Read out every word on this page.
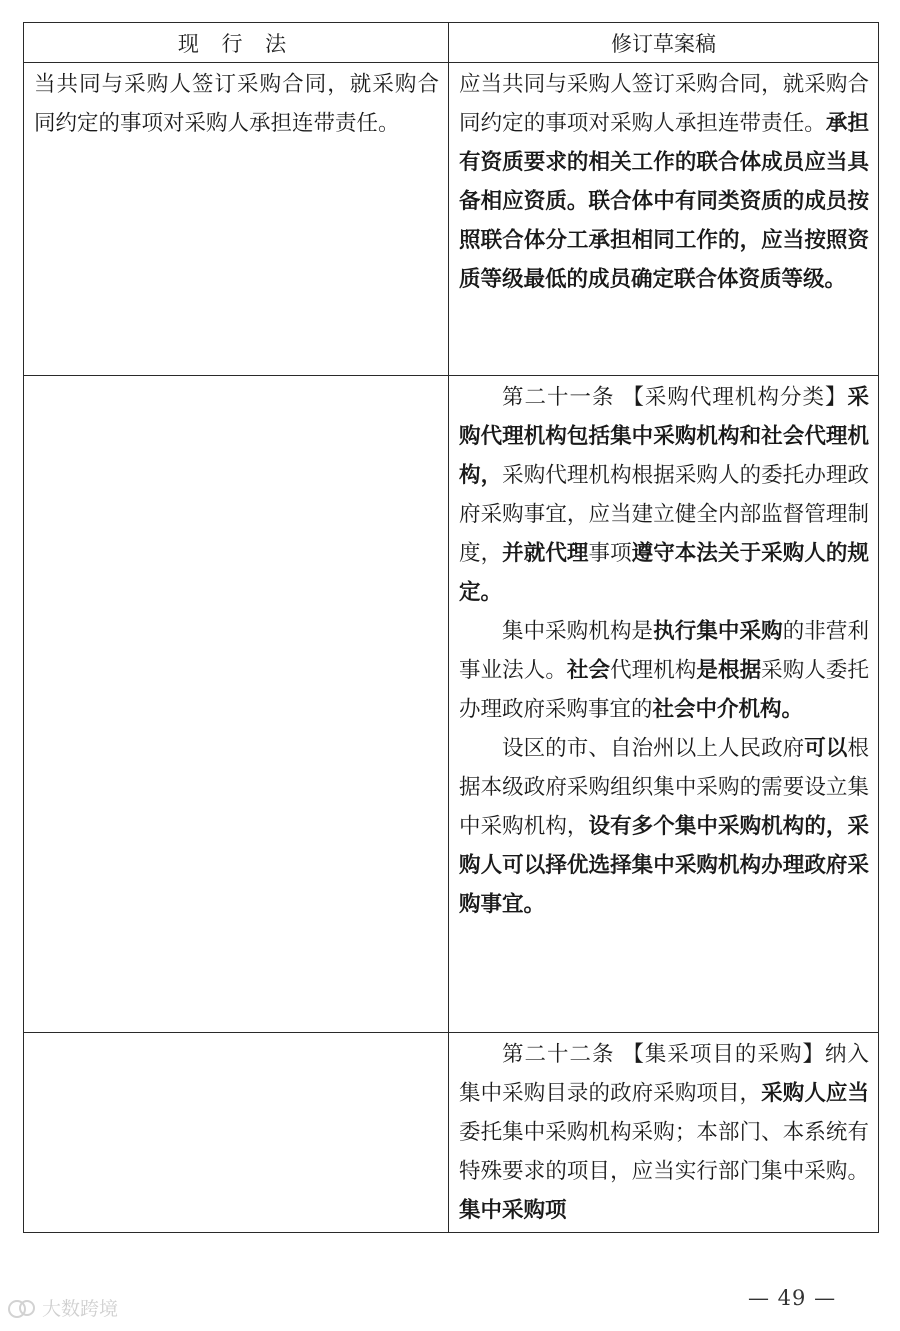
现 行 法	修订草案稿

当共同与采购人签订采购合同，就采购合同约定的事项对采购人承担连带责任。	应当共同与采购人签订采购合同，就采购合同约定的事项对采购人承担连带责任。承担有资质要求的相关工作的联合体成员应当具备相应资质。联合体中有同类资质的成员按照联合体分工承担相同工作的，应当按照资质等级最低的成员确定联合体资质等级。

	第二十一条 【采购代理机构分类】采购代理机构包括集中采购机构和社会代理机构，采购代理机构根据采购人的委托办理政府采购事宜，应当建立健全内部监督管理制度，并就代理事项遵守本法关于采购人的规定。

集中采购机构是执行集中采购的非营利事业法人。社会代理机构是根据采购人委托办理政府采购事宜的社会中介机构。

设区的市、自治州以上人民政府可以根据本级政府采购组织集中采购的需要设立集中采购机构，设有多个集中采购机构的，采购人可以择优选择集中采购机构办理政府采购事宜。

	第二十二条 【集采项目的采购】纳入集中采购目录的政府采购项目，采购人应当委托集中采购机构采购；本部门、本系统有特殊要求的项目，应当实行部门集中采购。集中采购项

— 49 —
大数跨境
